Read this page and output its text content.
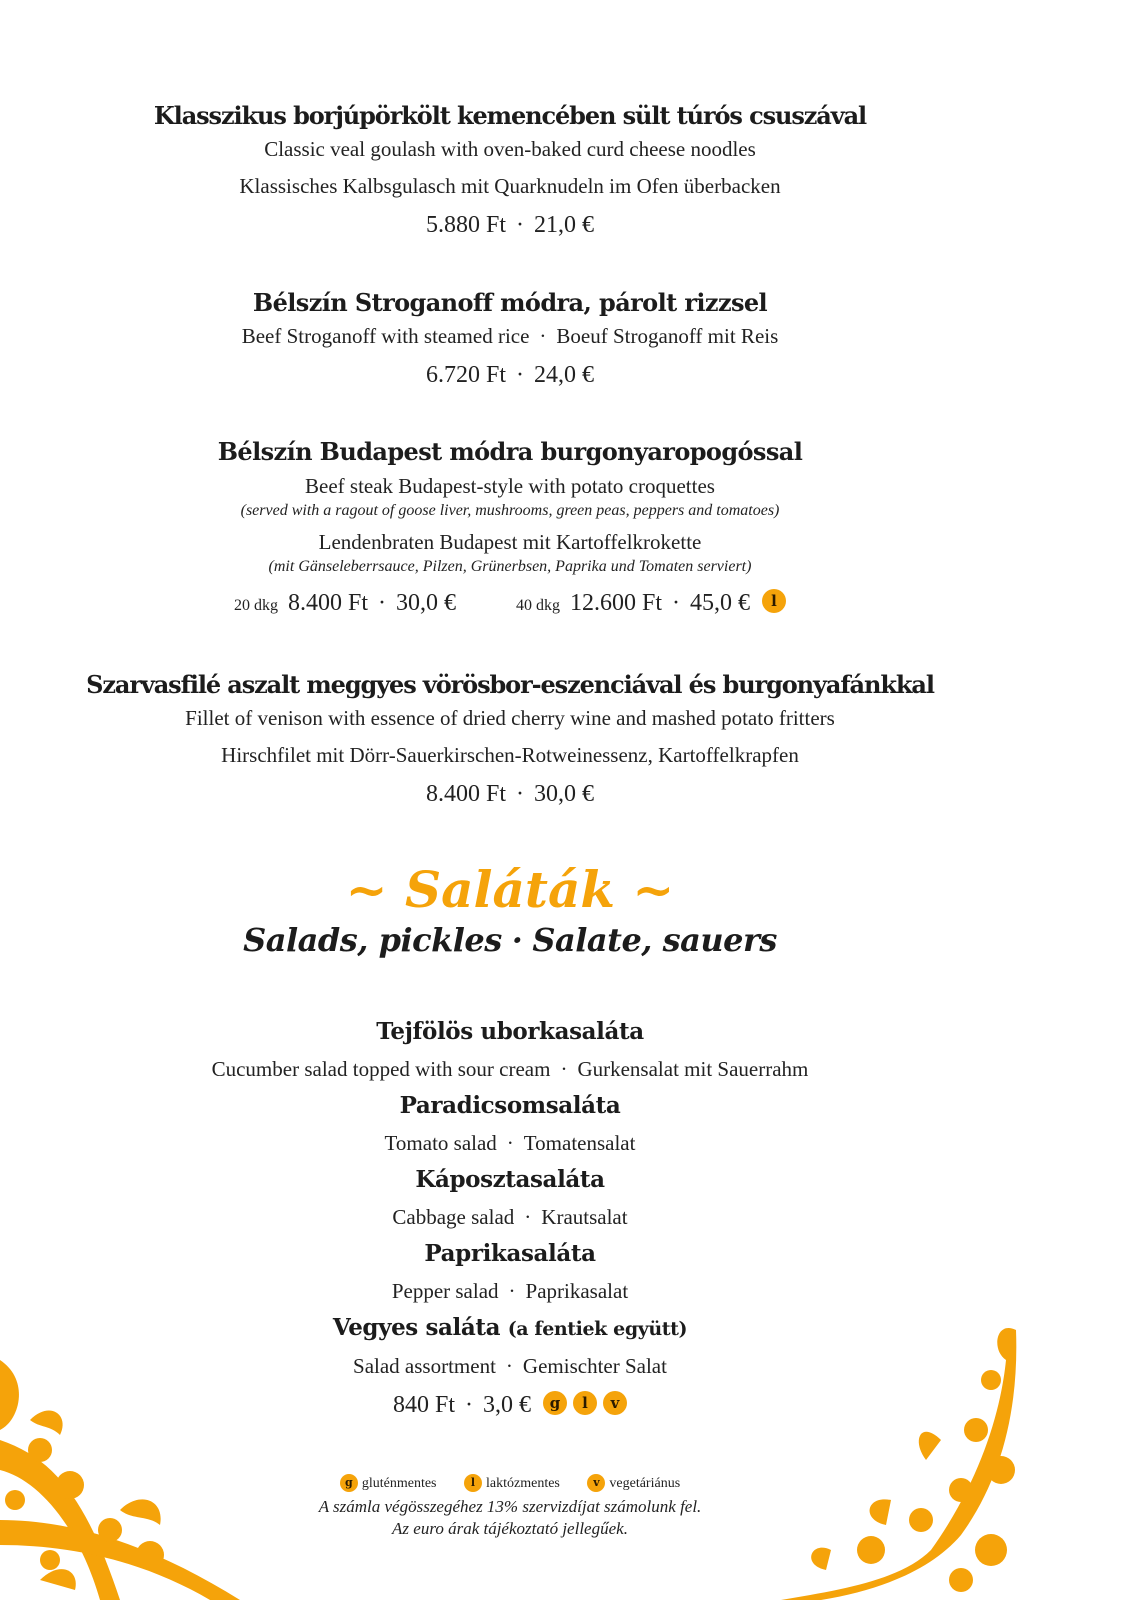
Klasszikus borjúpörkölt kemencében sült túrós csuszával
Classic veal goulash with oven-baked curd cheese noodles
Klassisches Kalbsgulasch mit Quarknudeln im Ofen überbacken
5.880 Ft · 21,0 €
Bélszín Stroganoff módra, párolt rizzsel
Beef Stroganoff with steamed rice · Boeuf Stroganoff mit Reis
6.720 Ft · 24,0 €
Bélszín Budapest módra burgonyaropogóssal
Beef steak Budapest-style with potato croquettes
(served with a ragout of goose liver, mushrooms, green peas, peppers and tomatoes)
Lendenbraten Budapest mit Kartoffelkrokette
(mit Gänseleberrsauce, Pilzen, Grünerbsen, Paprika und Tomaten serviert)
20 dkg 8.400 Ft · 30,0 €	40 dkg 12.600 Ft · 45,0 € l
Szarvasfilé aszalt meggyes vörösbor-eszenciával és burgonyafánkkal
Fillet of venison with essence of dried cherry wine and mashed potato fritters
Hirschfilet mit Dörr-Sauerkirschen-Rotweinessenz, Kartoffelkrapfen
8.400 Ft · 30,0 €
~ Saláták ~
Salads, pickles · Salate, sauers
Tejfölös uborkasaláta
Cucumber salad topped with sour cream · Gurkensalat mit Sauerrahm
Paradicsomsaláta
Tomato salad · Tomatensalat
Káposztasaláta
Cabbage salad · Krautsalat
Paprikasaláta
Pepper salad · Paprikasalat
Vegyes saláta (a fentiek együtt)
Salad assortment · Gemischter Salat
840 Ft · 3,0 € g l v
g gluténmentes	l laktózmentes	v vegetáriánus
A számla végösszegéhez 13% szervizdíjat számolunk fel.
Az euro árak tájékoztató jellegűek.
